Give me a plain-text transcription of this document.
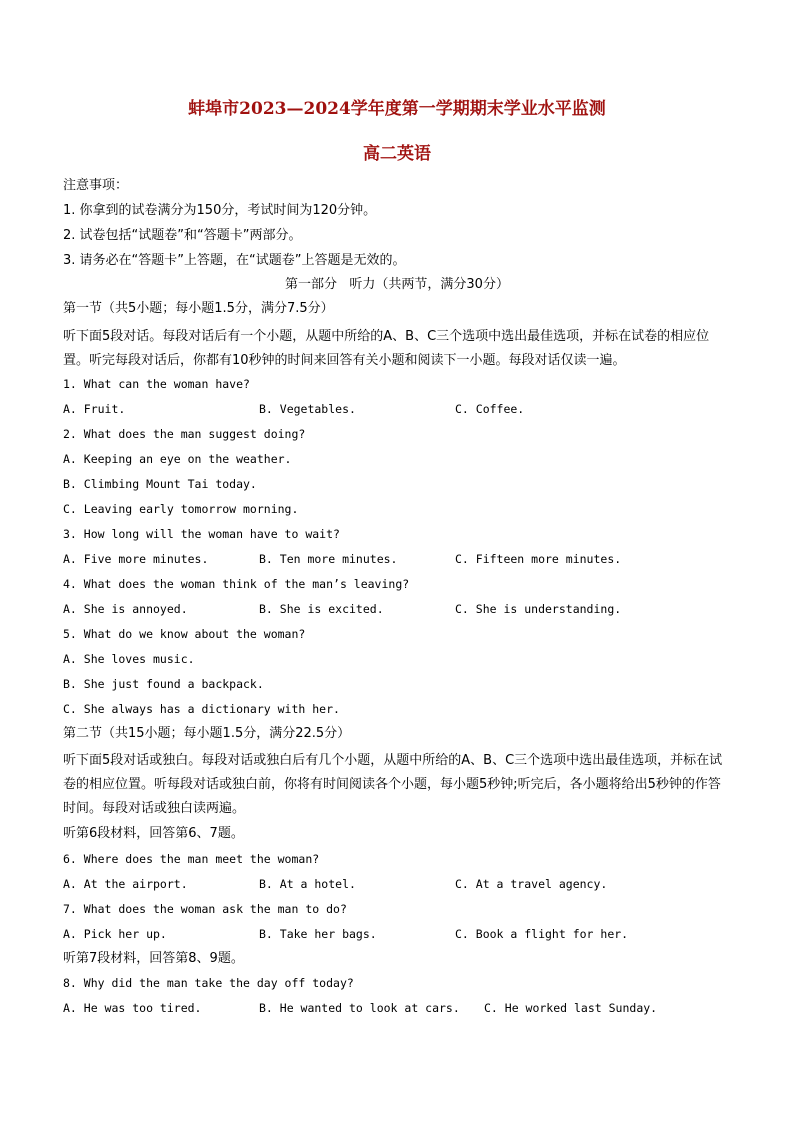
蚌埠市2023—2024学年度第一学期期末学业水平监测
高二英语
注意事项：
1. 你拿到的试卷满分为150分，考试时间为120分钟。
2. 试卷包括“试题卷”和“答题卡”两部分。
3. 请务必在“答题卡”上答题，在“试题卷”上答题是无效的。
第一部分   听力（共两节，满分30分）
第一节（共5小题；每小题1.5分，满分7.5分）
听下面5段对话。每段对话后有一个小题，从题中所给的A、B、C三个选项中选出最佳选项，并标在试卷的相应位置。听完每段对话后，你都有10秒钟的时间来回答有关小题和阅读下一小题。每段对话仅读一遍。
1. What can the woman have?
A. Fruit.	B. Vegetables.	C. Coffee.
2. What does the man suggest doing?
A. Keeping an eye on the weather.
B. Climbing Mount Tai today.
C. Leaving early tomorrow morning.
3. How long will the woman have to wait?
A. Five more minutes.	B. Ten more minutes.	C. Fifteen more minutes.
4. What does the woman think of the man’s leaving?
A. She is annoyed.	B. She is excited.	C. She is understanding.
5. What do we know about the woman?
A. She loves music.
B. She just found a backpack.
C. She always has a dictionary with her.
第二节（共15小题；每小题1.5分，满分22.5分）
听下面5段对话或独白。每段对话或独白后有几个小题，从题中所给的A、B、C三个选项中选出最佳选项，并标在试卷的相应位置。听每段对话或独白前，你将有时间阅读各个小题，每小题5秒钟;听完后，各小题将给出5秒钟的作答时间。每段对话或独白读两遍。
听第6段材料，回答第6、7题。
6. Where does the man meet the woman?
A. At the airport.	B. At a hotel.	C. At a travel agency.
7. What does the woman ask the man to do?
A. Pick her up.	B. Take her bags.	C. Book a flight for her.
听第7段材料，回答第8、9题。
8. Why did the man take the day off today?
A. He was too tired.	B. He wanted to look at cars. C. He worked last Sunday.
